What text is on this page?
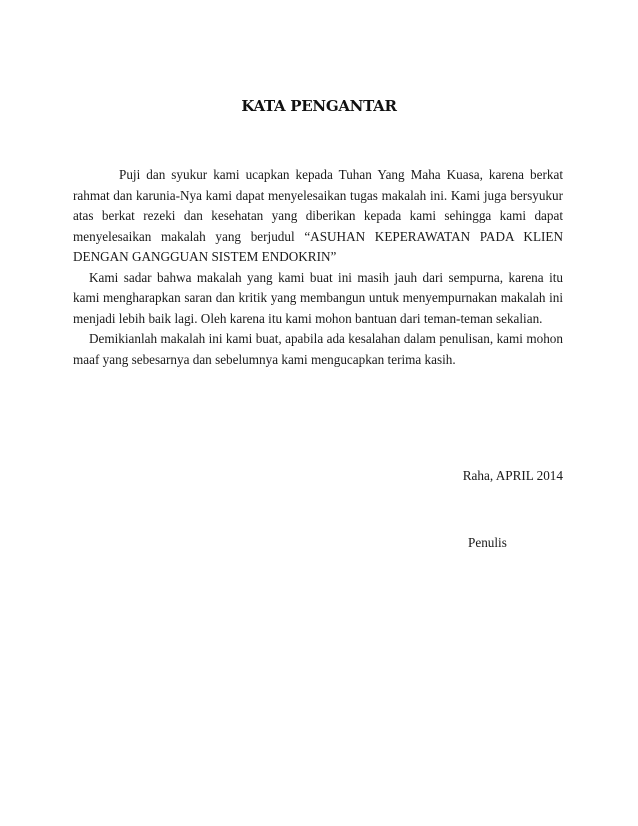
KATA PENGANTAR

Puji dan syukur kami ucapkan kepada Tuhan Yang Maha Kuasa, karena berkat rahmat dan karunia-Nya kami dapat menyelesaikan tugas makalah ini. Kami juga bersyukur atas berkat rezeki dan kesehatan yang diberikan kepada kami sehingga kami dapat menyelesaikan makalah yang berjudul “ASUHAN KEPERAWATAN PADA KLIEN DENGAN GANGGUAN SISTEM ENDOKRIN”

Kami sadar bahwa makalah yang kami buat ini masih jauh dari sempurna, karena itu kami mengharapkan saran dan kritik yang membangun untuk menyempurnakan makalah ini menjadi lebih baik lagi. Oleh karena itu kami mohon bantuan dari teman-teman sekalian.

Demikianlah makalah ini kami buat, apabila ada kesalahan dalam penulisan, kami mohon maaf yang sebesarnya dan sebelumnya kami mengucapkan terima kasih.

Raha, APRIL 2014
Penulis
